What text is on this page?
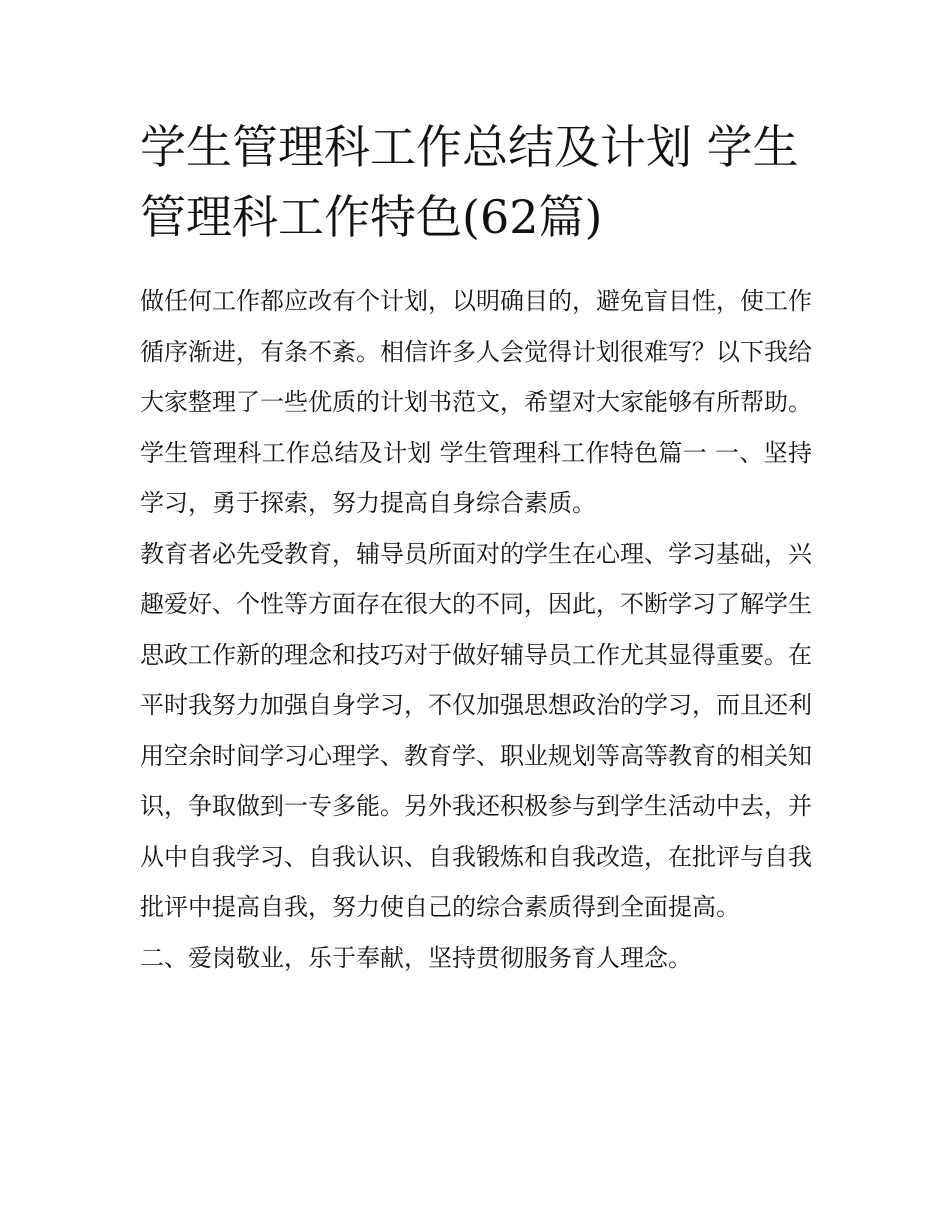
学生管理科工作总结及计划 学生管理科工作特色(62篇)

做任何工作都应改有个计划，以明确目的，避免盲目性，使工作循序渐进，有条不紊。相信许多人会觉得计划很难写？以下我给大家整理了一些优质的计划书范文，希望对大家能够有所帮助。

学生管理科工作总结及计划 学生管理科工作特色篇一 一、坚持学习，勇于探索，努力提高自身综合素质。

教育者必先受教育，辅导员所面对的学生在心理、学习基础，兴趣爱好、个性等方面存在很大的不同，因此，不断学习了解学生思政工作新的理念和技巧对于做好辅导员工作尤其显得重要。在平时我努力加强自身学习，不仅加强思想政治的学习，而且还利用空余时间学习心理学、教育学、职业规划等高等教育的相关知识，争取做到一专多能。另外我还积极参与到学生活动中去，并从中自我学习、自我认识、自我锻炼和自我改造，在批评与自我批评中提高自我，努力使自己的综合素质得到全面提高。

二、爱岗敬业，乐于奉献，坚持贯彻服务育人理念。
